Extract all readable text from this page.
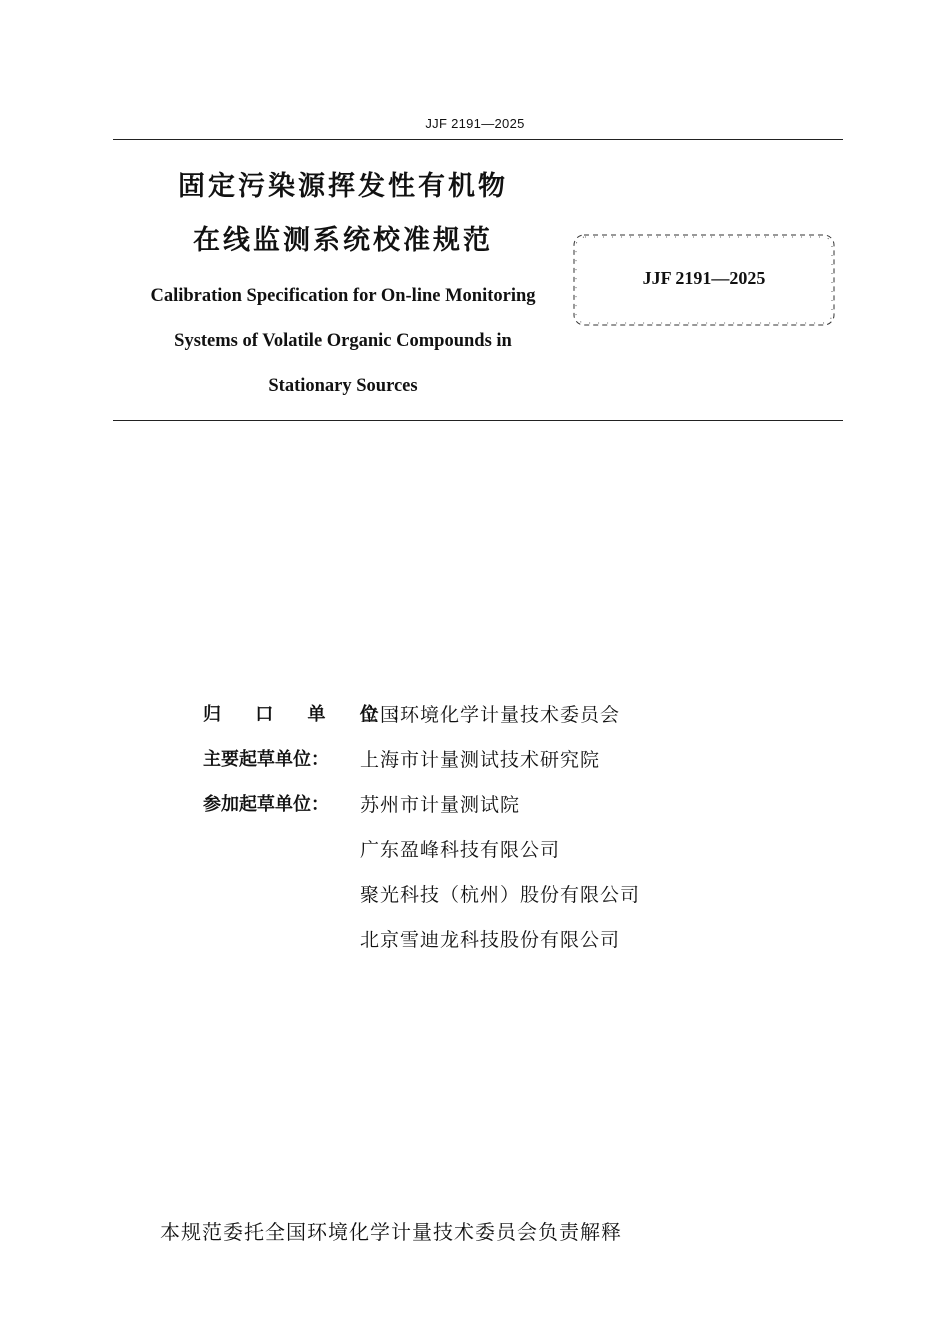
JJF 2191—2025
固定污染源挥发性有机物
在线监测系统校准规范
Calibration Specification for On-line Monitoring
Systems of Volatile Organic Compounds in
Stationary Sources
JJF 2191—2025
归 口 单 位：
全国环境化学计量技术委员会
主要起草单位：	上海市计量测试技术研究院
参加起草单位：	苏州市计量测试院
广东盈峰科技有限公司
聚光科技（杭州）股份有限公司
北京雪迪龙科技股份有限公司
本规范委托全国环境化学计量技术委员会负责解释
